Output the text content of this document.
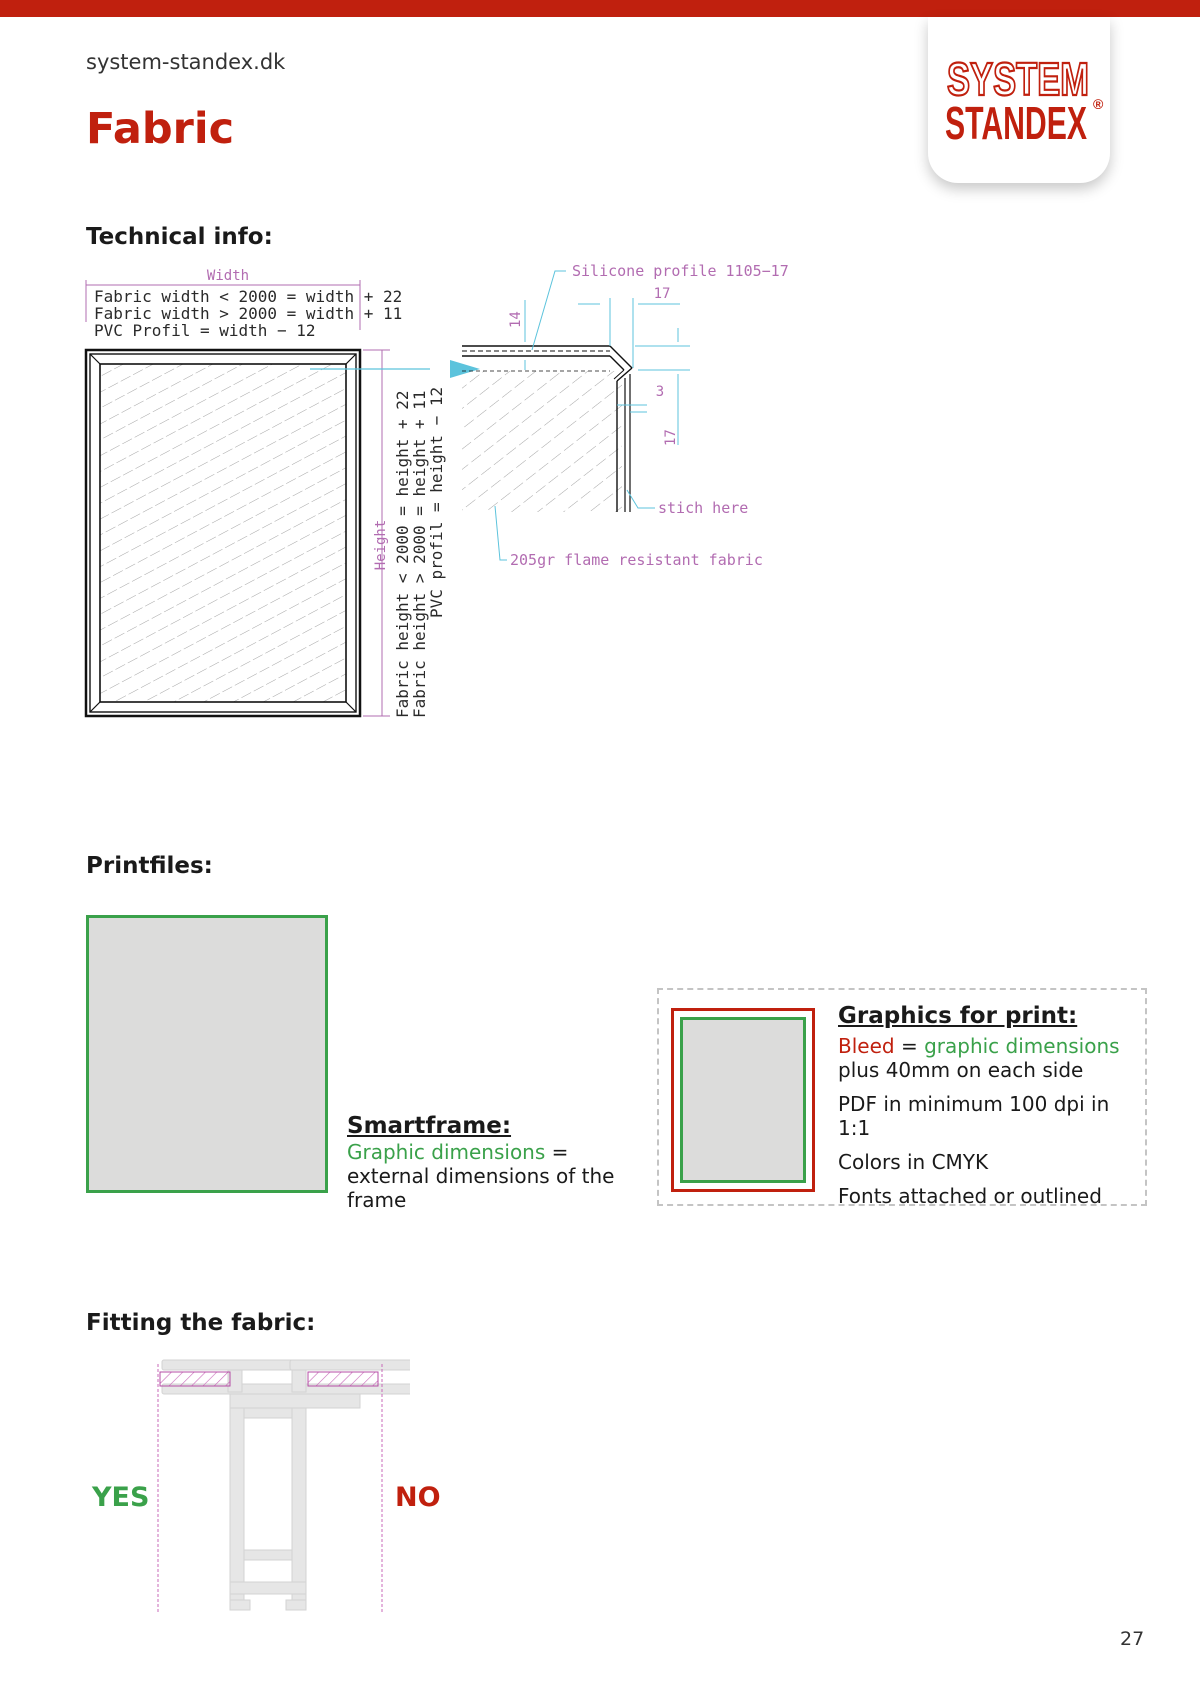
system-standex.dk
Fabric
SYSTEM
STANDEX ®
Technical info:
Width
Fabric width < 2000 = width + 22
Fabric width > 2000 = width + 11
PVC Profil = width − 12
Height Fabric height < 2000 = height + 22
Fabric height > 2000 = height + 11
PVC profil = height − 12
Silicone profile 1105−17
17
14
17
3
stich here
205gr flame resistant fabric
Printfiles:
Smartframe:
Graphic dimensions = external dimensions of the frame
Graphics for print:

Bleed = graphic dimensions plus 40mm on each side

PDF in minimum 100 dpi in 1:1

Colors in CMYK

Fonts attached or outlined

Fitting the fabric:
YES	NO
27
